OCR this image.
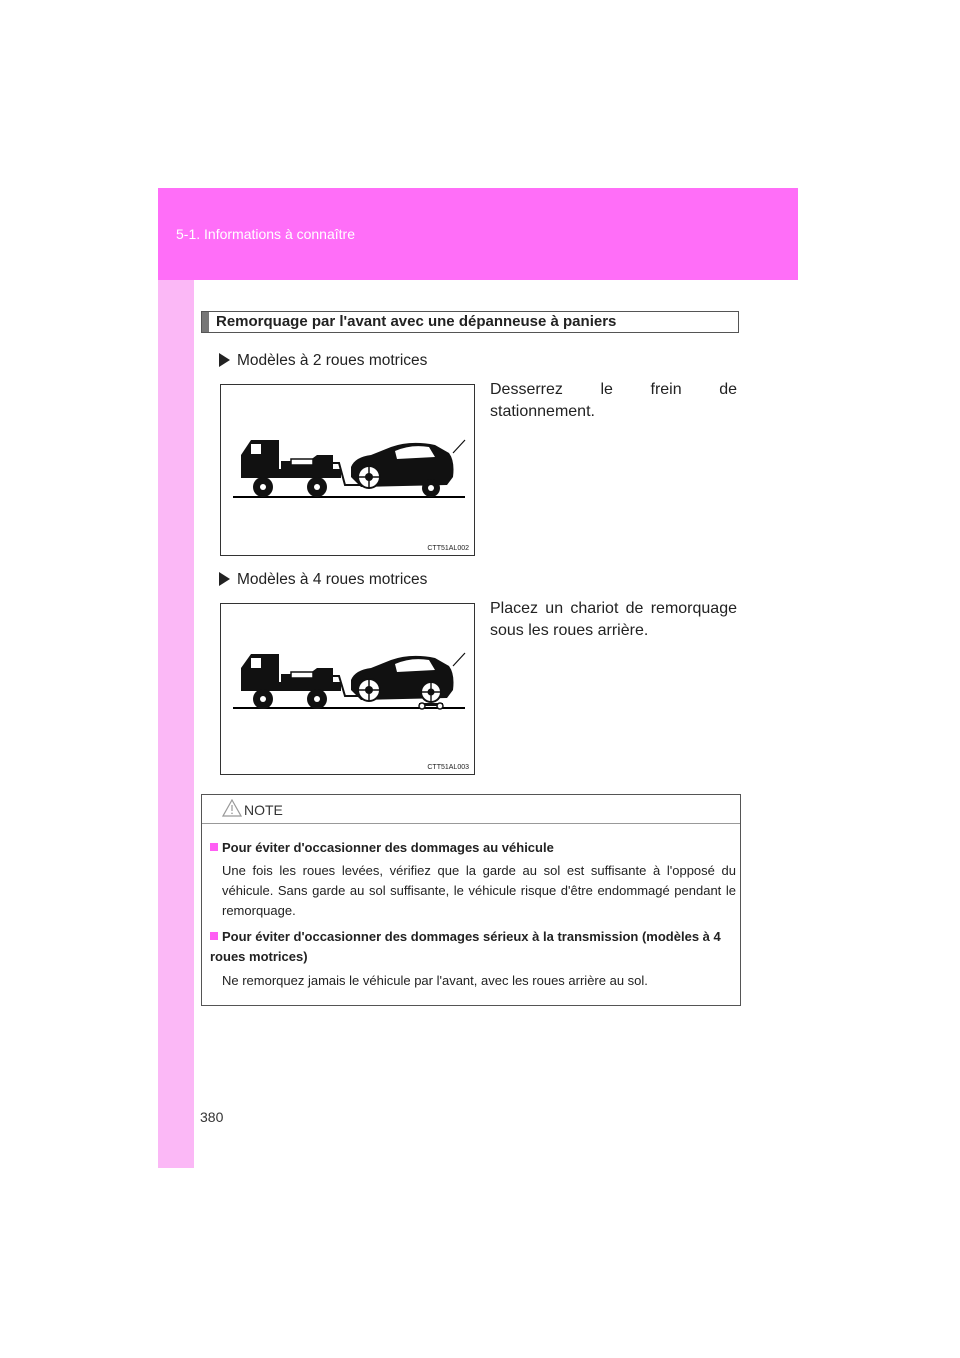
5-1. Informations à connaître
Remorquage par l'avant avec une dépanneuse à paniers
Modèles à 2 roues motrices
CTT51AL002
Desserrez le frein de stationnement.
Modèles à 4 roues motrices
CTT51AL003
Placez un chariot de remorquage sous les roues arrière.
NOTE
Pour éviter d'occasionner des dommages au véhicule
Une fois les roues levées, vérifiez que la garde au sol est suffisante à l'opposé du véhicule. Sans garde au sol suffisante, le véhicule risque d'être endommagé pendant le remorquage.
Pour éviter d'occasionner des dommages sérieux à la transmission (modèles à 4 roues motrices)
Ne remorquez jamais le véhicule par l'avant, avec les roues arrière au sol.
380
